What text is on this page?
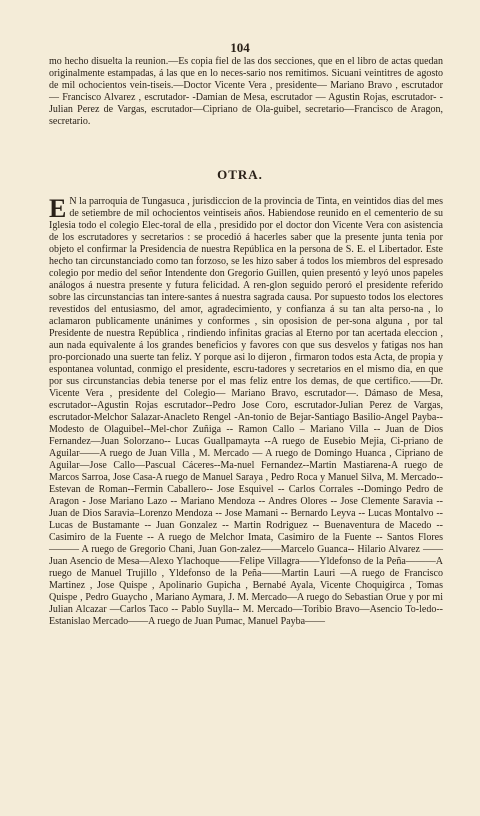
104

mo hecho disuelta la reunion.—Es copia fiel de las dos secciones, que en el libro de actas quedan originalmente estampadas, á las que en lo neces-sario nos remitimos. Sicuani veintitres de agosto de mil ochocientos vein-tiseis.—Doctor Vicente Vera , presidente— Mariano Bravo , escrutador — Francisco Alvarez , escrutador- -Damian de Mesa, escrutador — Agustin Rojas, escrutador- -Julian Perez de Vargas, escrutador—Cipriano de Ola-guibel, secretario—Francisco de Aragon, secretario.

OTRA.
E N la parroquia de Tungasuca , jurisdiccion de la provincia de Tinta, en veintidos dias del mes de setiembre de mil ochocientos veintiseis años. Habiendose reunido en el cementerio de su Iglesia todo el colegio Elec-toral de ella , presidido por el doctor don Vicente Vera con asistencia de los escrutadores y secretarios : se procedió á hacerles saber que la presente junta tenia por objeto el confirmar la Presidencia de nuestra República en la persona de S. E. el Libertador. Este hecho tan circunstanciado como tan forzoso, se les hizo saber á todos los miembros del espresado colegio por medio del señor Intendente don Gregorio Guillen, quien presentó y leyó unos papeles análogos á nuestra presente y futura felicidad. A ren-glon seguido peroró el presidente referido sobre las circunstancias tan intere-santes á nuestra sagrada causa. Por supuesto todos los electores revestidos del entusiasmo, del amor, agradecimiento, y confianza á su tan alta perso-na , lo aclamaron publicamente unánimes y conformes , sin oposision de per-sona alguna , por tal Presidente de nuestra República , rindiendo infinitas gracias al Eterno por tan acertada eleccion , aun nada equivalente á los grandes beneficios y favores con que sus desvelos y fatigas nos han pro-porcionado una suerte tan feliz. Y porque asi lo dijeron , firmaron todos esta Acta, de propia y espontanea voluntad, conmigo el presidente, escru-tadores y secretarios en el mismo dia, en que por sus circunstancias debia tenerse por el mas feliz entre los demas, de que certifico.——Dr. Vicente Vera , presidente del Colegio— Mariano Bravo, escrutador—. Dámaso de Mesa, escrutador--Agustin Rojas escrutador--Pedro Jose Coro, escrutador-Julian Perez de Vargas, escrutador-Melchor Salazar-Anacleto Rengel -An-tonio de Bejar-Santiago Basilio-Angel Payba--Modesto de Olaguibel--Mel-chor Zuñiga -- Ramon Callo – Mariano Villa -- Juan de Dios Fernandez—Juan Solorzano-- Lucas Guallpamayta --A ruego de Eusebio Mejia, Ci-priano de Aguilar——A ruego de Juan Villa , M. Mercado — A ruego de Domingo Huanca , Cipriano de Aguilar—Jose Callo—Pascual Cáceres--Ma-nuel Fernandez--Martin Mastiarena-A ruego de Marcos Sarroa, Jose Casa-A ruego de Manuel Saraya , Pedro Roca y Manuel Silva, M. Mercado--Estevan de Roman--Fermin Caballero-- Jose Esquivel -- Carlos Corrales --Domingo Pedro de Aragon - Jose Mariano Lazo -- Mariano Mendoza -- Andres Olores -- Jose Clemente Saravia -- Juan de Dios Saravia–Lorenzo Mendoza -- Jose Mamani -- Bernardo Leyva -- Lucas Montalvo -- Lucas de Bustamante -- Juan Gonzalez -- Martin Rodriguez -- Buenaventura de Macedo -- Casimiro de la Fuente -- A ruego de Melchor Imata, Casimiro de la Fuente -- Santos Flores ——— A ruego de Gregorio Chani, Juan Gon-zalez——Marcelo Guanca-- Hilario Alvarez ——Juan Asencio de Mesa—Alexo Ylachoque——Felipe Villagra——Yldefonso de la Peña———A ruego de Manuel Trujillo , Yldefonso de la Peña——Martin Lauri —A ruego de Francisco Martinez , Jose Quispe , Apolinario Gupicha , Bernabé Ayala, Vicente Choquigirca , Tomas Quispe , Pedro Guaycho , Mariano Aymara, J. M. Mercado—A ruego do Sebastian Orue y por mi Julian Alcazar —Carlos Taco -- Pablo Suylla-- M. Mercado—Toribio Bravo—Asencio To-ledo-- Estanislao Mercado——A ruego de Juan Pumac, Manuel Payba——
